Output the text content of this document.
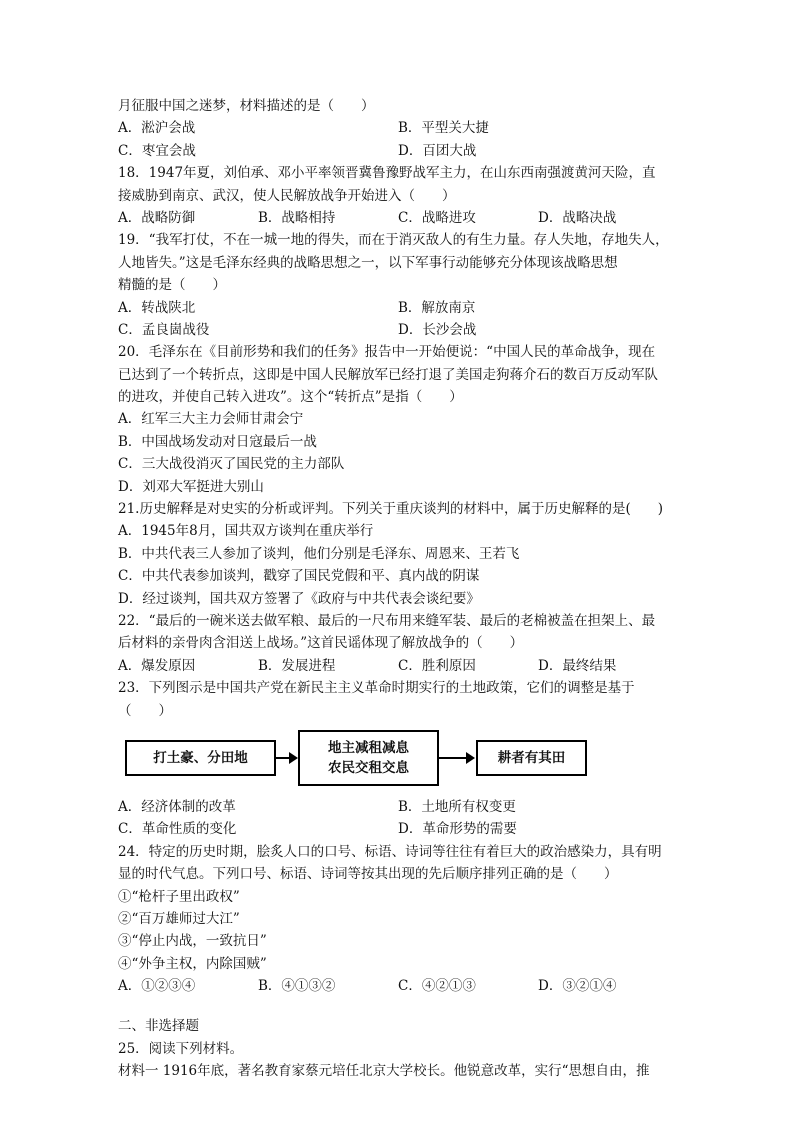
月征服中国之迷梦，材料描述的是（　　）
A．淞沪会战	B．平型关大捷
C．枣宜会战	D．百团大战
18．1947年夏，刘伯承、邓小平率领晋冀鲁豫野战军主力，在山东西南强渡黄河天险，直
接威胁到南京、武汉，使人民解放战争开始进入（　　）
A．战略防御	B．战略相持	C．战略进攻	D．战略决战
19．“我军打仗，不在一城一地的得失，而在于消灭敌人的有生力量。存人失地，存地失人，
人地皆失。”这是毛泽东经典的战略思想之一，以下军事行动能够充分体现该战略思想
精髓的是（　　）
A．转战陕北	B．解放南京
C．孟良崮战役	D．长沙会战
20．毛泽东在《目前形势和我们的任务》报告中一开始便说：“中国人民的革命战争，现在
已达到了一个转折点，这即是中国人民解放军已经打退了美国走狗蒋介石的数百万反动军队
的进攻，并使自己转入进攻”。这个“转折点”是指（　　）
A．红军三大主力会师甘肃会宁
B．中国战场发动对日寇最后一战
C．三大战役消灭了国民党的主力部队
D．刘邓大军挺进大别山
21.历史解释是对史实的分析或评判。下列关于重庆谈判的材料中，属于历史解释的是(　　)
A．1945年8月，国共双方谈判在重庆举行
B．中共代表三人参加了谈判，他们分别是毛泽东、周恩来、王若飞
C．中共代表参加谈判，戳穿了国民党假和平、真内战的阴谋
D．经过谈判，国共双方签署了《政府与中共代表会谈纪要》
22．“最后的一碗米送去做军粮、最后的一尺布用来缝军装、最后的老棉被盖在担架上、最
后材料的亲骨肉含泪送上战场。”这首民谣体现了解放战争的（　　）
A．爆发原因	B．发展进程	C．胜利原因	D．最终结果
23．下列图示是中国共产党在新民主主义革命时期实行的土地政策，它们的调整是基于
（　　）
打土豪、分田地
地主减租减息
农民交租交息
耕者有其田
A．经济体制的改革	B．土地所有权变更
C．革命性质的变化	D．革命形势的需要
24．特定的历史时期，脍炙人口的口号、标语、诗词等往往有着巨大的政治感染力，具有明
显的时代气息。下列口号、标语、诗词等按其出现的先后顺序排列正确的是（　　）
①“枪杆子里出政权”
②“百万雄师过大江”
③“停止内战，一致抗日”
④“外争主权，内除国贼”
A．①②③④	B．④①③②	C．④②①③	D．③②①④
二、非选择题
25．阅读下列材料。
材料一 1916年底，著名教育家蔡元培任北京大学校长。他锐意改革，实行“思想自由，推
